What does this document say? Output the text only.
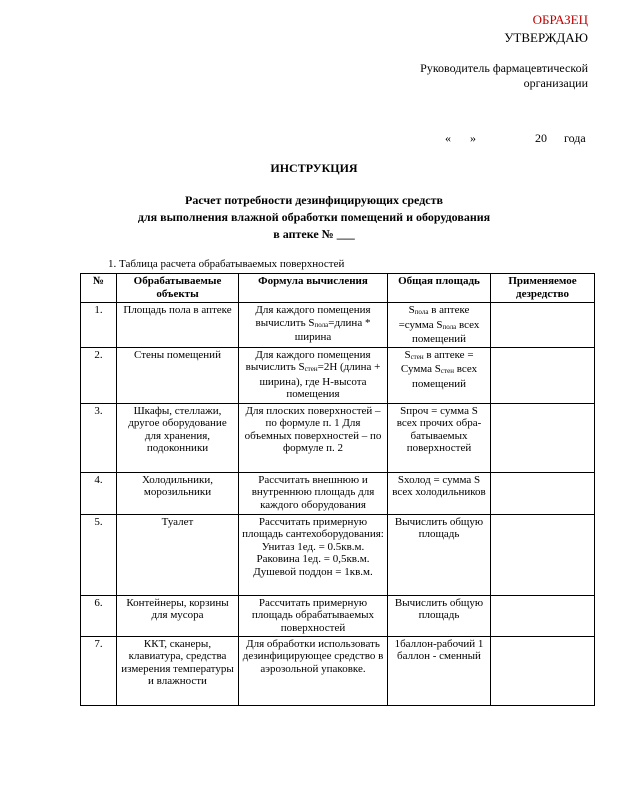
ОБРАЗЕЦ
УТВЕРЖДАЮ
Руководитель фармацевтической
организации
« »	20 года
ИНСТРУКЦИЯ
Расчет потребности дезинфицирующих средств
для выполнения влажной обработки помещений и оборудования
в аптеке № ___
1. Таблица расчета обрабатываемых поверхностей
№	Обрабатываемые объекты	Формула вычисления	Общая площадь	Применяемое дезредство
1.	Площадь пола в аптеке	Для каждого помещения вычислить Sпола=длина * ширина	Sпола в аптеке =сумма Sпола всех помещений	
2.	Стены помещений	Для каждого помещения вычислить Sстен=2H (длина + ширина), где Н-высота помещения	Sстен в аптеке = Сумма Sстен всех помещений	
3.	Шкафы, стеллажи, другое оборудование для хранения, подоконники	Для плоских поверхностей – по формуле п. 1 Для объемных поверхностей – по формуле п. 2	Sпроч = сумма S всех прочих обра-батываемых поверхностей	
4.	Холодильники, морозильники	Рассчитать внешнюю и внутреннюю площадь для каждого оборудования	Sхолод = сумма S всех холодильников	
5.	Туалет	Рассчитать примерную площадь сантехоборудования:
Унитаз 1ед. = 0.5кв.м.
Раковина 1ед. = 0,5кв.м.
Душевой поддон = 1кв.м.	Вычислить общую площадь	
6.	Контейнеры, корзины для мусора	Рассчитать примерную площадь обрабатываемых поверхностей	Вычислить общую площадь	
7.	ККТ, сканеры, клавиатура, средства измерения температуры и влажности	Для обработки использовать дезинфицирующее средство в аэрозольной упаковке.	1баллон-рабочий 1 баллон - сменный	
